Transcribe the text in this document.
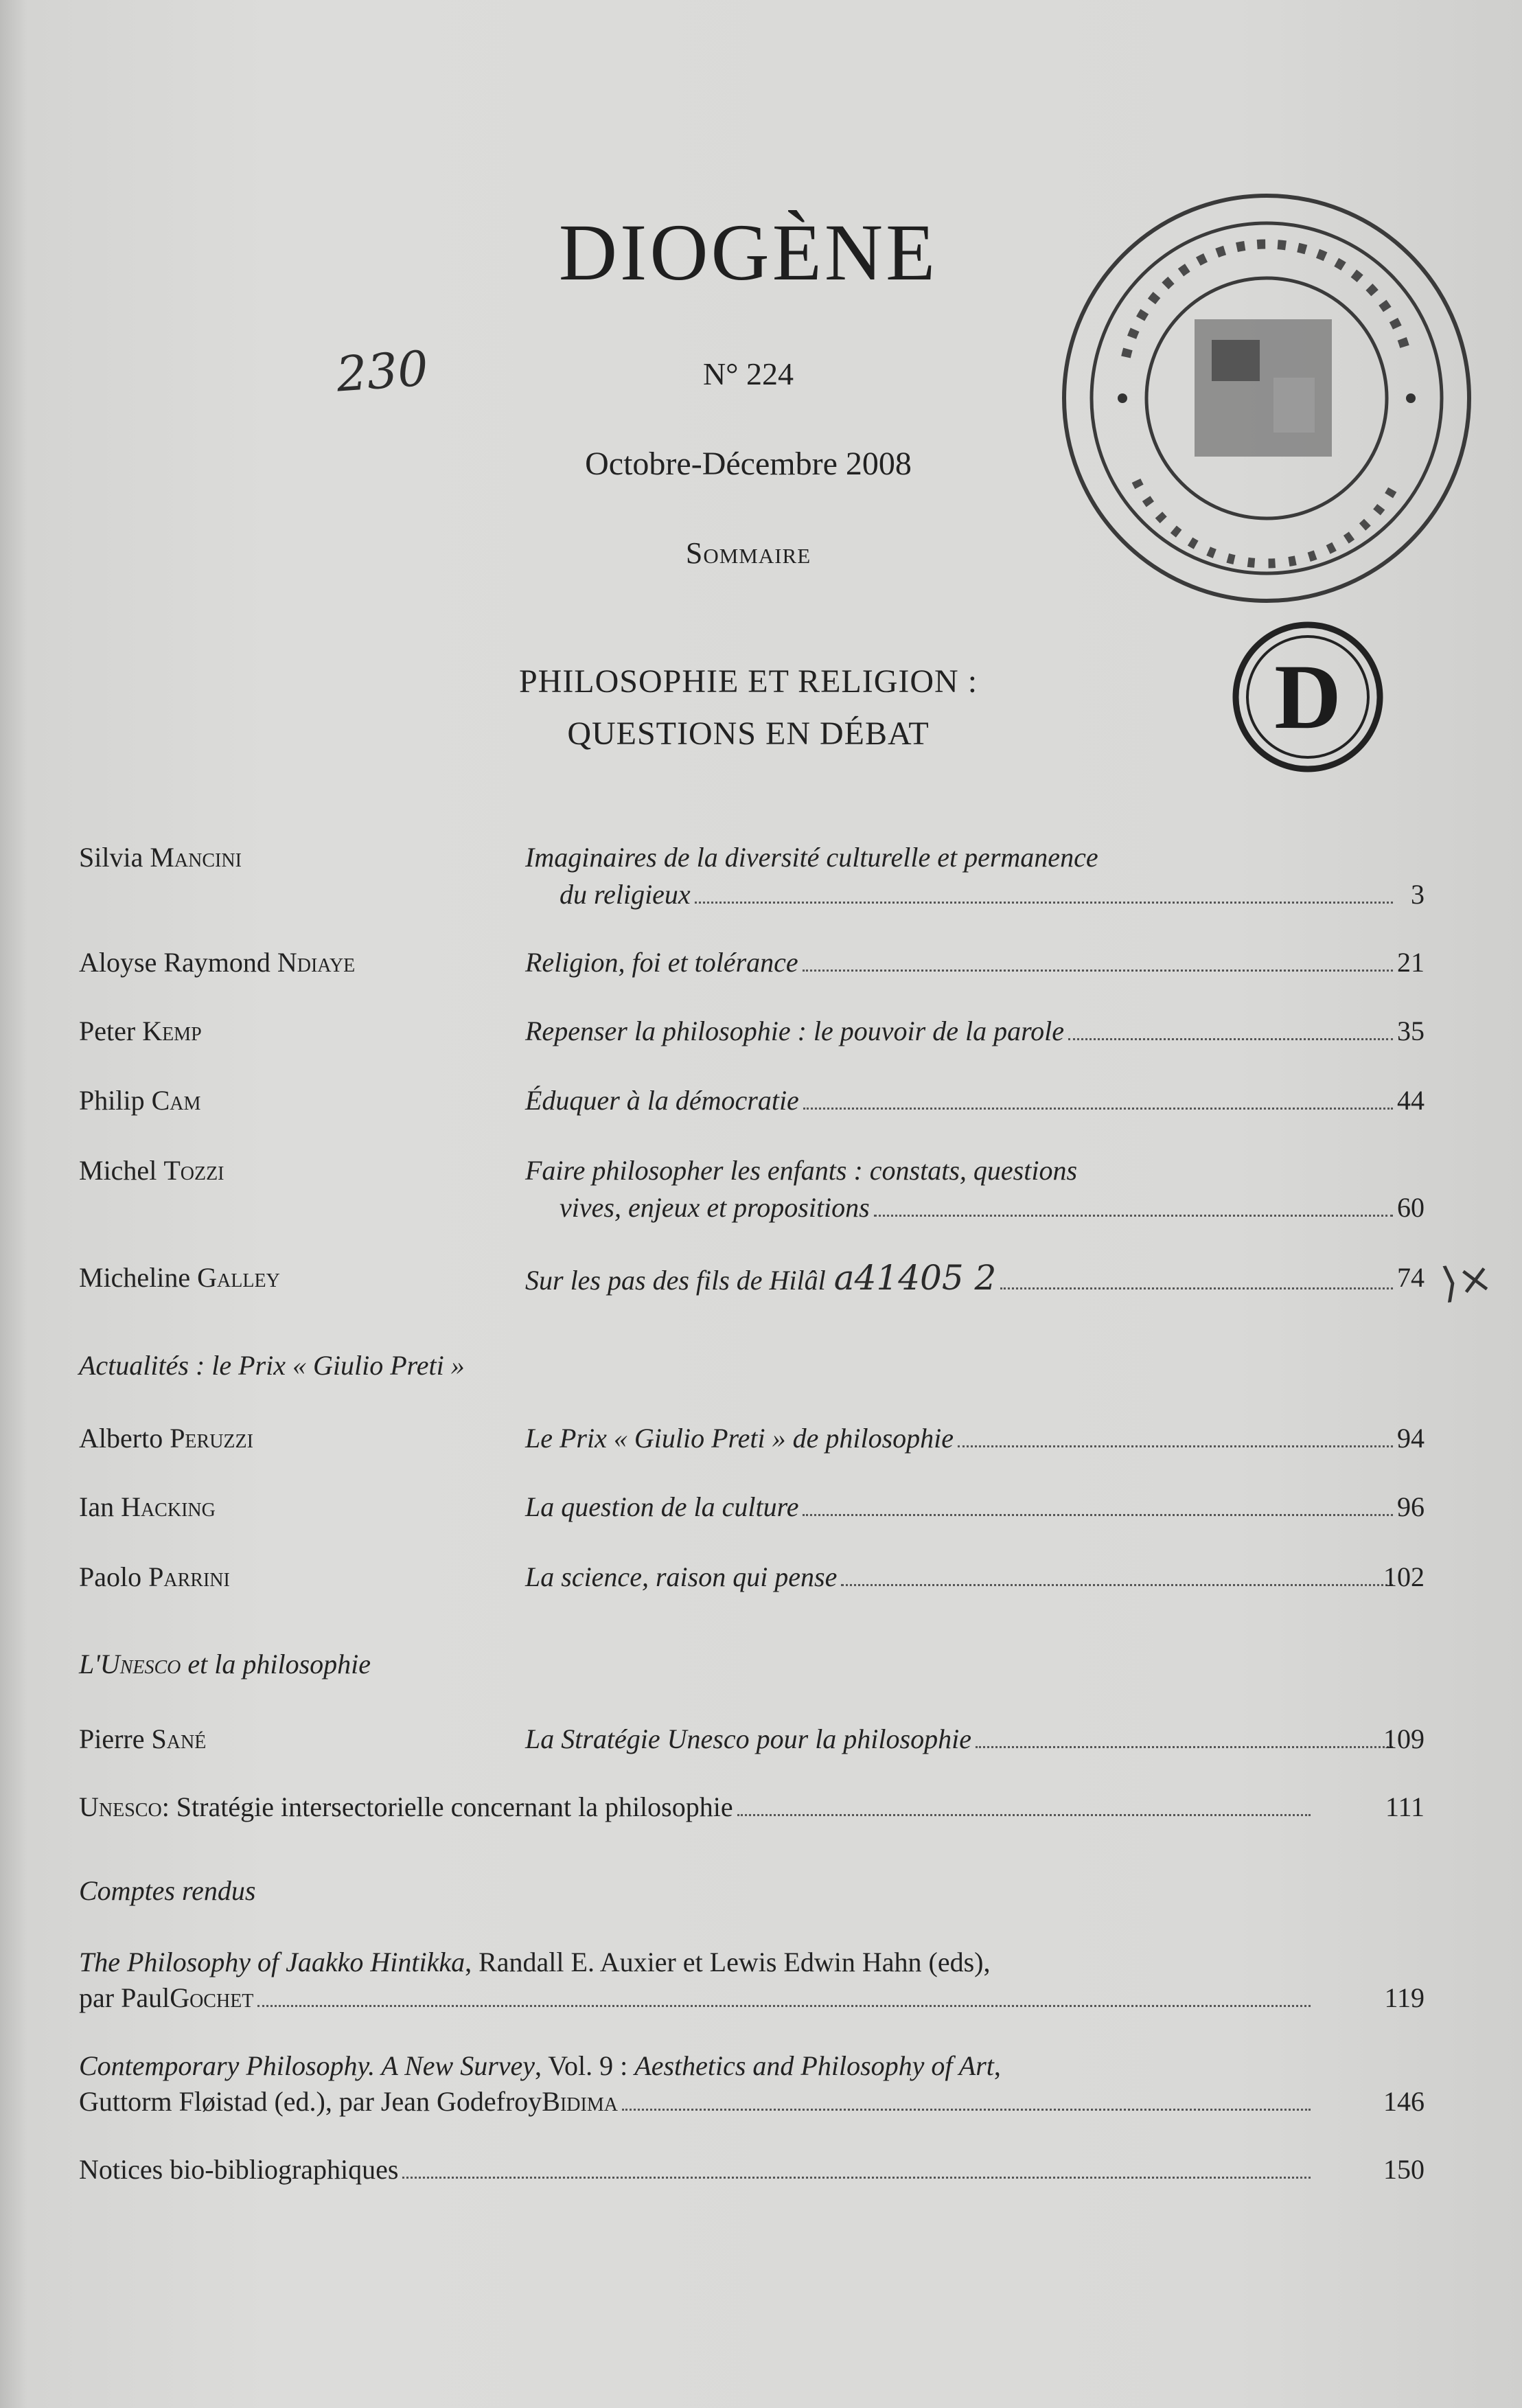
DIOGÈNE
230	N° 224
Octobre-Décembre 2008
Sommaire
D
PHILOSOPHIE ET RELIGION :
QUESTIONS EN DÉBAT
Silvia Mancini	Imaginaires de la diversité culturelle et permanence
du religieux	3
Aloyse Raymond Ndiaye	Religion, foi et tolérance	21
Peter Kemp	Repenser la philosophie : le pouvoir de la parole	35
Philip Cam	Éduquer à la démocratie	44
Michel Tozzi	Faire philosopher les enfants : constats, questions
vives, enjeux et propositions	60
Micheline Galley	Sur les pas des fils de Hilâl a41405 2	74 ⟩×
Actualités : le Prix « Giulio Preti »
Alberto Peruzzi	Le Prix « Giulio Preti » de philosophie	94
Ian Hacking	La question de la culture	96
Paolo Parrini	La science, raison qui pense	102
L'Unesco et la philosophie
Pierre Sané	La Stratégie Unesco pour la philosophie	109
Unesco : Stratégie intersectorielle concernant la philosophie	111
Comptes rendus
The Philosophy of Jaakko Hintikka, Randall E. Auxier et Lewis Edwin Hahn (eds),
par Paul Gochet	119
Contemporary Philosophy. A New Survey, Vol. 9 : Aesthetics and Philosophy of Art,
Guttorm Fløistad (ed.), par Jean Godefroy Bidima	146
Notices bio-bibliographiques	150
